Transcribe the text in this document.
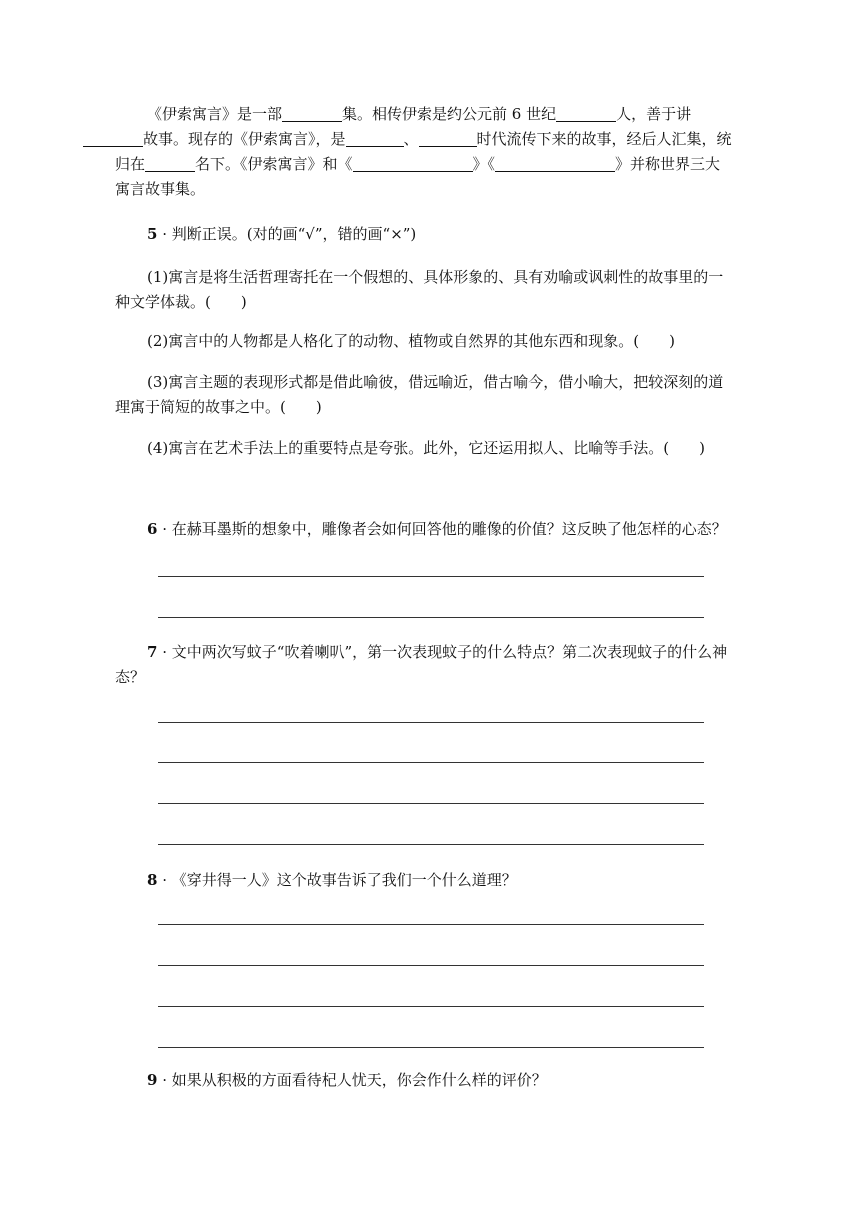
《伊索寓言》是一部	集。相传伊索是约公元前 6 世纪	人，善于讲
故事。现存的《伊索寓言》，是	、	时代流传下来的故事，经后人汇集，统归在	名下。《伊索寓言》和《	》《	》并称世界三大寓言故事集。

5 · 判断正误。(对的画“√”，错的画“×”)

(1)寓言是将生活哲理寄托在一个假想的、具体形象的、具有劝喻或讽刺性的故事里的一种文学体裁。(　　)

(2)寓言中的人物都是人格化了的动物、植物或自然界的其他东西和现象。(　　)

(3)寓言主题的表现形式都是借此喻彼，借远喻近，借古喻今，借小喻大，把较深刻的道理寓于简短的故事之中。(　　)

(4)寓言在艺术手法上的重要特点是夸张。此外，它还运用拟人、比喻等手法。(　　)

6 · 在赫耳墨斯的想象中，雕像者会如何回答他的雕像的价值？这反映了他怎样的心态？

7 · 文中两次写蚊子“吹着喇叭”，第一次表现蚊子的什么特点？第二次表现蚊子的什么神态？

8 · 《穿井得一人》这个故事告诉了我们一个什么道理？

9 · 如果从积极的方面看待杞人忧天，你会作什么样的评价？
